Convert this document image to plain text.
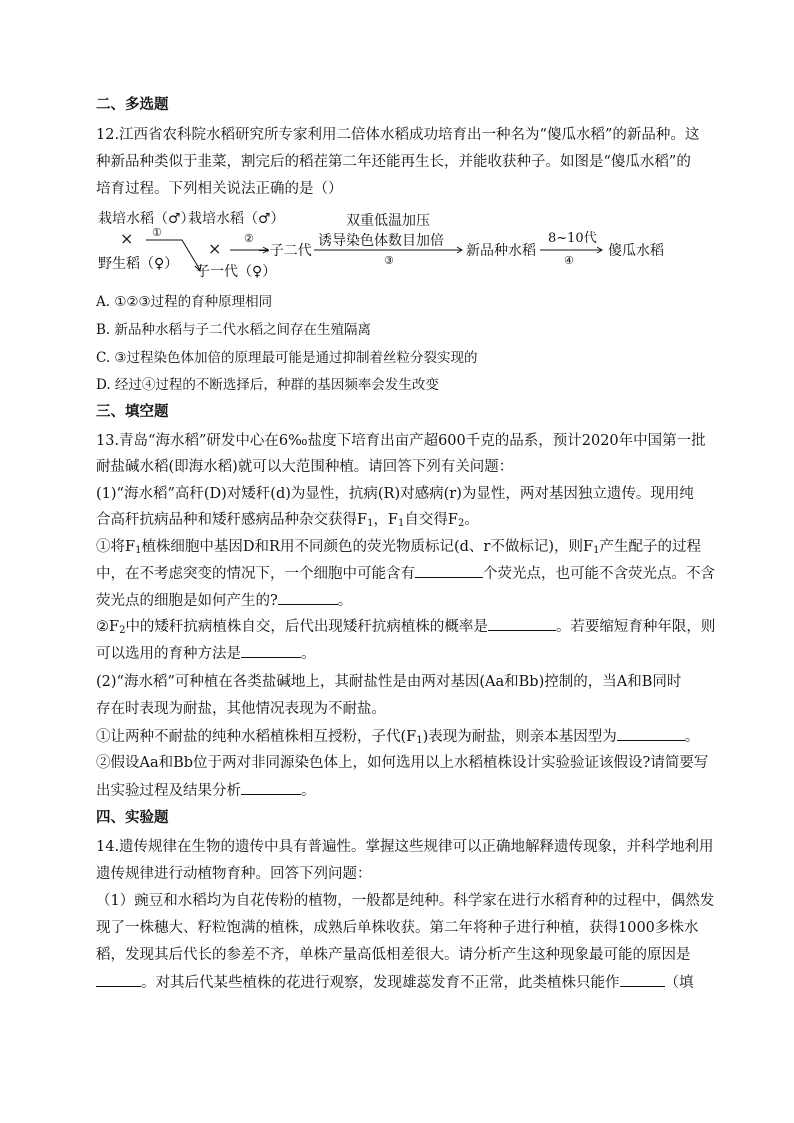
二、多选题
12.江西省农科院水稻研究所专家利用二倍体水稻成功培育出一种名为“傻瓜水稻”的新品种。这
种新品种类似于韭菜，割完后的稻茬第二年还能再生长，并能收获种子。如图是“傻瓜水稻”的
培育过程。下列相关说法正确的是（）
栽培水稻（♂）
×
野生稻（♀）
①
栽培水稻（♂）
×
②
子一代（♀）
→子二代
双重低温加压
诱导染色体数目加倍
③
新品种水稻
8~10代
④
傻瓜水稻
A. ①②③过程的育种原理相同
B. 新品种水稻与子二代水稻之间存在生殖隔离
C. ③过程染色体加倍的原理最可能是通过抑制着丝粒分裂实现的
D. 经过④过程的不断选择后，种群的基因频率会发生改变
三、填空题
13.青岛“海水稻”研发中心在6‰盐度下培育出亩产超600千克的品系，预计2020年中国第一批
耐盐碱水稻(即海水稻)就可以大范围种植。请回答下列有关问题：
(1)“海水稻”高秆(D)对矮秆(d)为显性，抗病(R)对感病(r)为显性，两对基因独立遗传。现用纯
合高秆抗病品种和矮秆感病品种杂交获得$F_1$，$F_1$自交得$F_2$。
①将$F_1$植株细胞中基因D和R用不同颜色的荧光物质标记(d、r不做标记)，则$F_1$产生配子的过程
中，在不考虑突变的情况下，一个细胞中可能含有	个荧光点，也可能不含荧光点。不含
荧光点的细胞是如何产生的?	。
$②F_2$中的矮秆抗病植株自交，后代出现矮秆抗病植株的概率是	。若要缩短育种年限，则
可以选用的育种方法是	。
(2)“海水稻”可种植在各类盐碱地上，其耐盐性是由两对基因(Aa和Bb)控制的，当A和B同时
存在时表现为耐盐，其他情况表现为不耐盐。
①让两种不耐盐的纯种水稻植株相互授粉，子代$(F_1)$表现为耐盐，则亲本基因型为	。
②假设Aa和Bb位于两对非同源染色体上，如何选用以上水稻植株设计实验验证该假设?请简要写
出实验过程及结果分析	。
四、实验题
14.遗传规律在生物的遗传中具有普遍性。掌握这些规律可以正确地解释遗传现象，并科学地利用
遗传规律进行动植物育种。回答下列问题：
（1）豌豆和水稻均为自花传粉的植物，一般都是纯种。科学家在进行水稻育种的过程中，偶然发
现了一株穗大、籽粒饱满的植株，成熟后单株收获。第二年将种子进行种植，获得1000多株水
稻，发现其后代长的参差不齐，单株产量高低相差很大。请分析产生这种现象最可能的原因是
。对其后代某些植株的花进行观察，发现雄蕊发育不正常，此类植株只能作	（填
